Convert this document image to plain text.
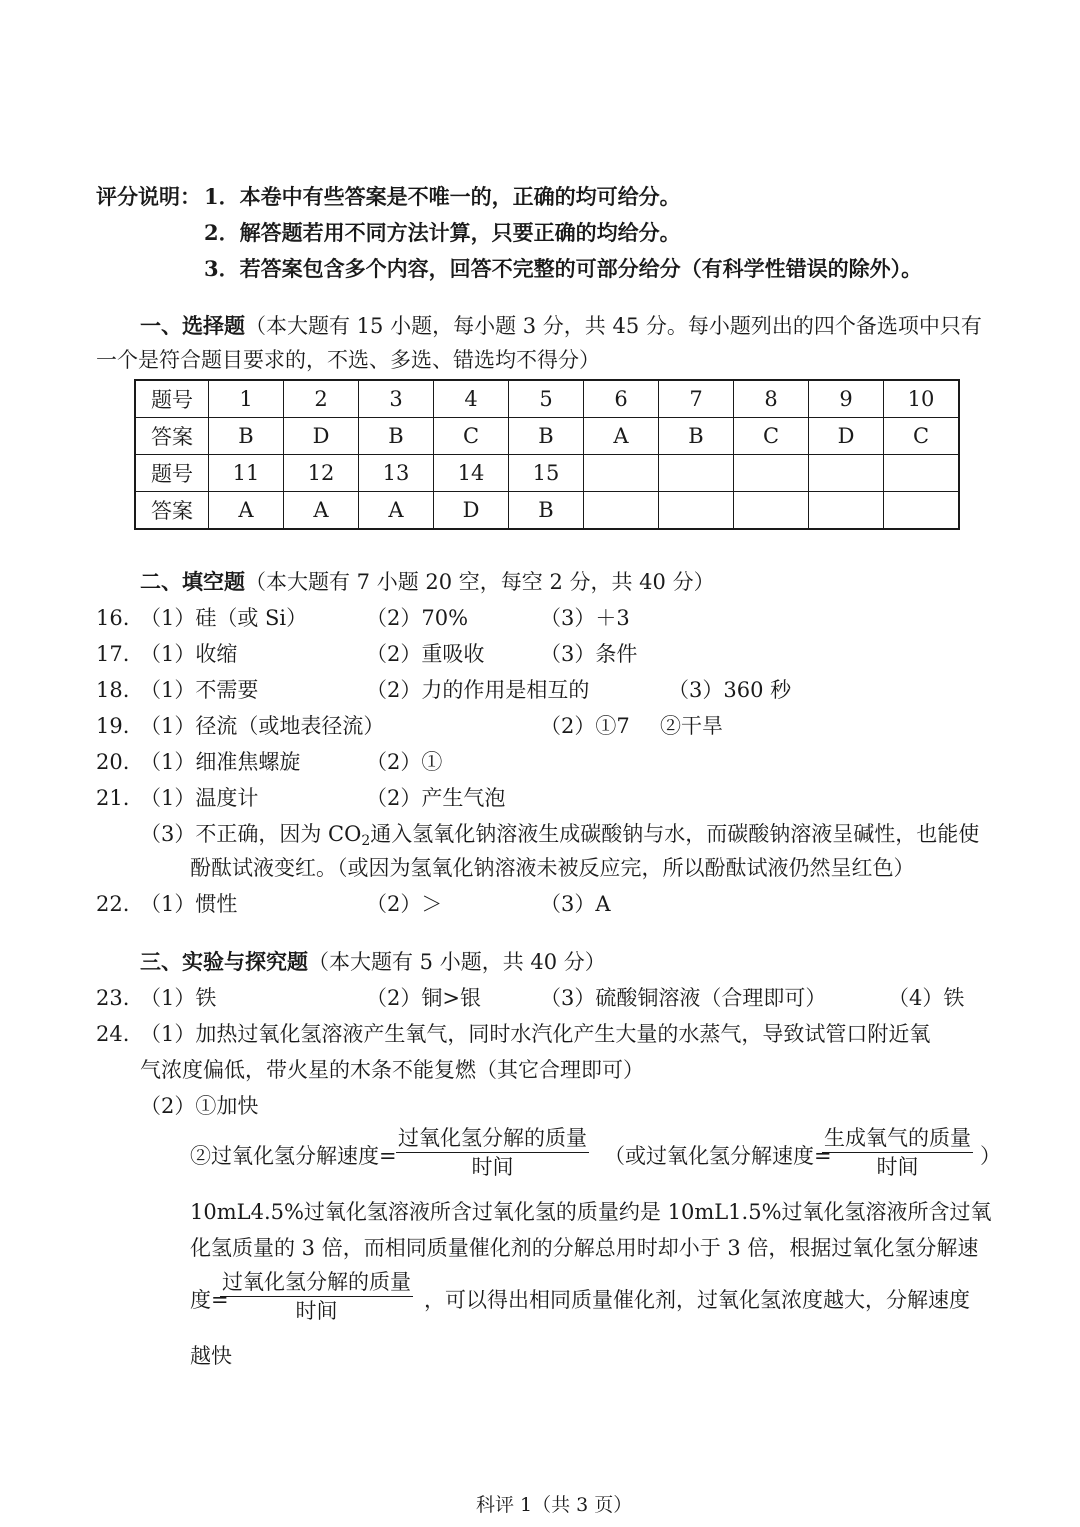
评分说明： 1．本卷中有些答案是不唯一的，正确的均可给分。
2．解答题若用不同方法计算，只要正确的均给分。
3．若答案包含多个内容，回答不完整的可部分给分（有科学性错误的除外）。
一、选择题（本大题有 15 小题，每小题 3 分，共 45 分。每小题列出的四个备选项中只有
一个是符合题目要求的，不选、多选、错选均不得分）
题号	1	2	3	4	5	6	7	8	9	10
答案	B	D	B	C	B	A	B	C	D	C
题号	11	12	13	14	15					
答案	A	A	A	D	B					
二、填空题（本大题有 7 小题 20 空，每空 2 分，共 40 分）
16. （1）硅（或 Si）	（2）70%	（3）＋3
17. （1）收缩	（2）重吸收	（3）条件
18. （1）不需要	（2）力的作用是相互的	（3）360 秒
19. （1）径流（或地表径流）	（2）①7 ②干旱
20. （1）细准焦螺旋	（2）①
21. （1）温度计	（2）产生气泡
（3）不正确，因为 $CO_2$通入氢氧化钠溶液生成碳酸钠与水，而碳酸钠溶液呈碱性，也能使
酚酞试液变红。（或因为氢氧化钠溶液未被反应完，所以酚酞试液仍然呈红色）
22. （1）惯性	（2）＞	（3）A
三、实验与探究题（本大题有 5 小题，共 40 分）
23. （1）铁	（2）铜>银	（3）硫酸铜溶液（合理即可）	（4）铁
24. （1）加热过氧化氢溶液产生氧气，同时水汽化产生大量的水蒸气，导致试管口附近氧
气浓度偏低，带火星的木条不能复燃（其它合理即可）
（2）①加快
②过氧化氢分解速度=
过氧化氢分解的质量
时间	（或过氧化氢分解速度=
生成氧气的质量
时间	）
10mL4.5%过氧化氢溶液所含过氧化氢的质量约是 10mL1.5%过氧化氢溶液所含过氧
化氢质量的 3 倍，而相同质量催化剂的分解总用时却小于 3 倍，根据过氧化氢分解速
度=
过氧化氢分解的质量
时间	，可以得出相同质量催化剂，过氧化氢浓度越大，分解速度
越快
科评 1（共 3 页）
